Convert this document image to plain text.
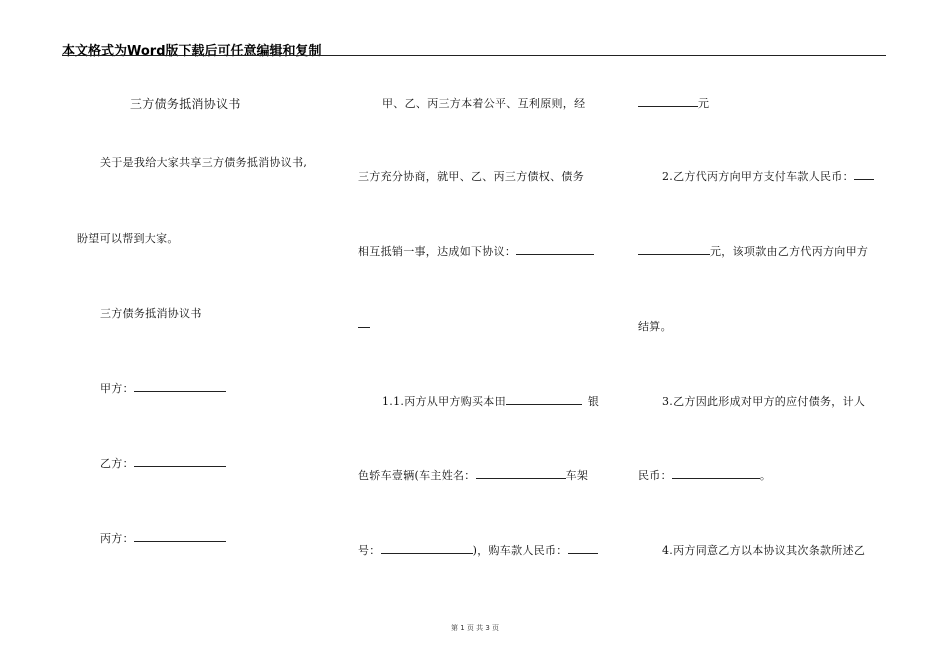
本文格式为Word版下载后可任意编辑和复制
三方债务抵消协议书
关于是我给大家共享三方债务抵消协议书,
盼望可以帮到大家。
三方债务抵消协议书
甲方：
乙方：
丙方：
甲、乙、丙三方本着公平、互利原则，经
三方充分协商，就甲、乙、丙三方债权、债务
相互抵销一事，达成如下协议：
1.1.丙方从甲方购买本田	银
色轿车壹辆(车主姓名：	车架
号：	)，购车款人民币：
元
2.乙方代丙方向甲方支付车款人民币：
元，该项款由乙方代丙方向甲方
结算。
3.乙方因此形成对甲方的应付债务，计人
民币：	。
4.丙方同意乙方以本协议其次条款所述乙
第 1 页 共 3 页
